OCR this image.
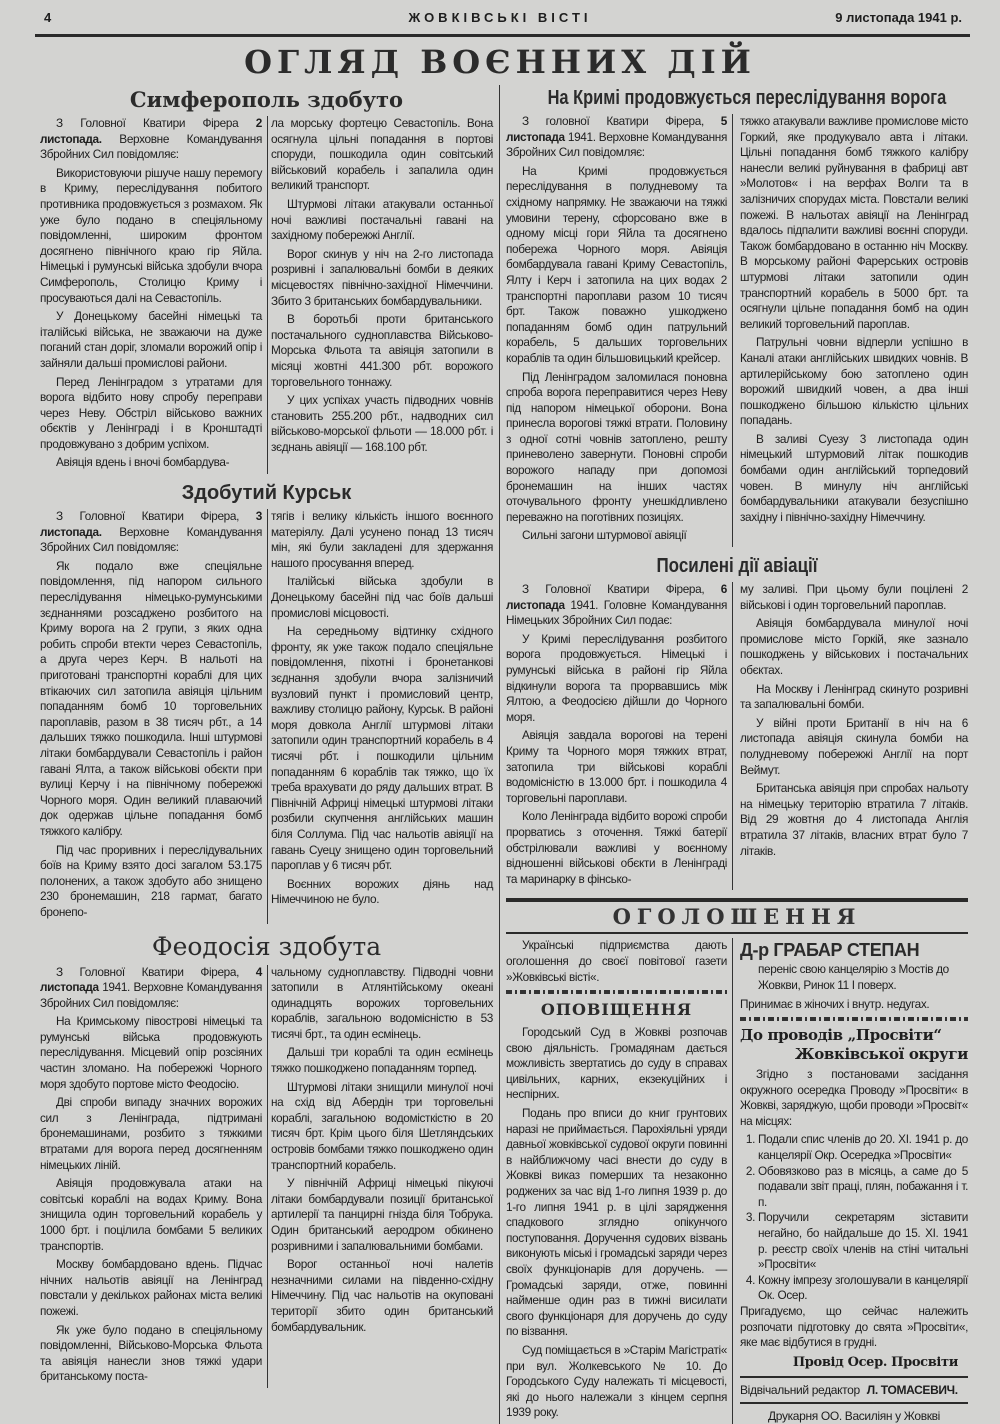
4	ЖОВКІВСЬКІ ВІСТІ	9 листопада 1941 р.
ОГЛЯД ВОЄННИХ ДІЙ
Симферополь здобуто

З Головної Кватири Фірера 2 листопада. Верховне Командування Збройних Сил повідомляє:

Використовуючи рішуче нашу перемогу в Криму, переслідування побитого противника продовжується з розмахом. Як уже було подано в спеціяльному повідомленні, широким фронтом досягнено північного краю гір Яйла. Німецькі і румунські війська здобули вчора Симферополь, Столицю Криму і просуваються далі на Севастопіль.

У Донецькому басейні німецькі та італійські війська, не зважаючи на дуже поганий стан доріг, зломали ворожий опір і зайняли дальші промислові райони.

Перед Ленінградом з утратами для ворога відбито нову спробу переправи через Неву. Обстріл військово важних обєктів у Ленінграді і в Кронштадті продовжувано з добрим успіхом.

Авіяція вдень і вночі бомбардува-

ла морську фортецю Севастопіль. Вона осягнула цільні попадання в портові споруди, пошкодила один совітський військовий корабель і запалила один великий транспорт.

Штурмові літаки атакували останньої ночі важливі постачальні гавані на західному побережжі Англії.

Ворог скинув у ніч на 2-го листопада розривні і запалювальні бомби в деяких місцевостях північно-західної Німеччини. Збито 3 британських бомбардувальники.

В боротьбі проти британського постачального судноплавства Військово-Морська Фльота та авіяція затопили в місяці жовтні 441.300 рбт. ворожого торговельного тоннажу.

У цих успіхах участь підводних човнів становить 255.200 рбт., надводних сил військово-морської фльоти — 18.000 рбт. і зєднань авіяції — 168.100 рбт.

Здобутий Курськ

З Головної Кватири Фірера, 3 листопада. Верховне Командування Збройних Сил повідомляє:

Як подало вже спеціяльне повідомлення, під напором сильного переслідування німецько-румунськими зєднаннями розсаджено розбитого на Криму ворога на 2 групи, з яких одна робить спроби втекти через Севастопіль, а друга через Керч. В нальоті на приготовані транспортні кораблі для цих втікаючих сил затопила авіяція цільним попаданням бомб 10 торговельних пароплавів, разом в 38 тисяч рбт., а 14 дальших тяжко пошкодила. Інші штурмові літаки бомбардували Севастопіль і район гавані Ялта, а також військові обєкти при вулиці Керчу і на північному побережжі Чорного моря. Один великий плаваючий док одержав цільне попадання бомб тяжкого калібру.

Під час проривних і переслідувальних боїв на Криму взято досі загалом 53.175 полонених, а також здобуто або знищено 230 бронемашин, 218 гармат, багато бронепо-

тягів і велику кількість іншого воєнного матеріялу. Далі усунено понад 13 тисяч мін, які були закладені для здержання нашого просування вперед.

Італійські війська здобули в Донецькому басейні під час боїв дальші промислові місцовості.

На середньому відтинку східного фронту, як уже також подало спеціяльне повідомлення, піхотні і бронетанкові зєднання здобули вчора залізничий вузловий пункт і промисловий центр, важливу столицю району, Курськ. В районі моря довкола Англії штурмові літаки затопили один транспортний корабель в 4 тисячі рбт. і пошкодили цільним попаданням 6 кораблів так тяжко, що їх треба врахувати до ряду дальших втрат. В Північній Африці німецькі штурмові літаки розбили скупчення англійських машин біля Соллума. Під час нальотів авіяції на гавань Суецу знищено один торговельний пароплав у 6 тисяч рбт.

Воєнних ворожих діянь над Німеччиною не було.

Феодосія здобута

З Головної Кватири Фірера, 4 листопада 1941. Верховне Командування Збройних Сил повідомляє:

На Кримському півострові німецькі та румунські війська продовжують переслідування. Місцевий опір розсіяних частин зломано. На побережжі Чорного моря здобуто портове місто Феодосію.

Дві спроби випаду значних ворожих сил з Ленінграда, підтримані бронемашинами, розбито з тяжкими втратами для ворога перед досягненням німецьких ліній.

Авіяція продовжувала атаки на совітські кораблі на водах Криму. Вона знищила один торговельний корабель у 1000 брт. і поцілила бомбами 5 великих транспортів.

Москву бомбардовано вдень. Підчас нічних нальотів авіяції на Ленінград повстали у декількох районах міста великі пожежі.

Як уже було подано в спеціяльному повідомленні, Військово-Морська Фльота та авіяція нанесли знов тяжкі удари британському поста-

чальному судноплавству. Підводні човни затопили в Атлянтійському океані одинадцять ворожих торговельних кораблів, загальною водомісністю в 53 тисячі брт., та один есмінець.

Дальші три кораблі та один есмінець тяжко пошкоджено попаданням торпед.

Штурмові літаки знищили минулої ночі на схід від Абердін три торговельні кораблі, загальною водомісткістю в 20 тисяч брт. Крім цього біля Шетляндських островів бомбами тяжко пошкоджено один транспортний корабель.

У північній Африці німецькі пікуючі літаки бомбардували позиції британської артилерії та панцирні гнізда біля Тобрука. Один британський аеродром обкинено розривними і запалювальними бомбами.

Ворог останньої ночі налетів незначними силами на південно-східну Німеччину. Під час нальотів на окуповані території збито один британський бомбардувальник.

На Кримі продовжується переслідування ворога

З головної Кватири Фірера, 5 листопада 1941. Верховне Командування Збройних Сил повідомляє:

На Кримі продовжується переслідування в полудневому та східному напрямку. Не зважаючи на тяжкі умовини терену, сфорсовано вже в одному місці гори Яйла та досягнено побережа Чорного моря. Авіяція бомбардувала гавані Криму Севастопіль, Ялту і Керч і затопила на цих водах 2 транспортні пароплави разом 10 тисяч брт. Також поважно ушкоджено попаданням бомб один патрульний корабель, 5 дальших торговельних кораблів та один більшовицький крейсер.

Під Ленінградом заломилася поновна спроба ворога переправитися через Неву під напором німецької оборони. Вона принесла ворогові тяжкі втрати. Половину з одної сотні човнів затоплено, решту приневолено завернути. Поновні спроби ворожого нападу при допомозі бронемашин на інших частях оточувального фронту унешкідливлено переважно на поготівних позиціях.

Сильні загони штурмової авіяції

тяжко атакували важливе промислове місто Горкий, яке продукувало авта і літаки. Цільні попадання бомб тяжкого калібру нанесли великі руйнування в фабриці авт »Молотов« і на верфах Волги та в залізничих спорудах міста. Повстали великі пожежі. В нальотах авіяції на Ленінград вдалось підпалити важливі воєнні споруди. Також бомбардовано в останню ніч Москву. В морському районі Фарерських островів штурмові літаки затопили один транспортний корабель в 5000 брт. та осягнули цільне попадання бомб на один великий торговельний пароплав.

Патрульні човни відперли успішно в Каналі атаки англійських швидких човнів. В артилерійському бою затоплено один ворожий швидкий човен, а два інші пошкоджено більшою кількістю цільних попадань.

В заливі Суезу 3 листопада один німецький штурмовий літак пошкодив бомбами один англійський торпедовий човен. В минулу ніч англійські бомбардувальники атакували безуспішно західну і північно-західну Німеччину.

Посилені дії авіації

З Головної Кватири Фірера, 6 листопада 1941. Головне Командування Німецьких Збройних Сил подає:

У Кримі переслідування розбитого ворога продовжується. Німецькі і румунські війська в районі гір Яйла відкинули ворога та прорвавшись між Ялтою, а Феодосією дійшли до Чорного моря.

Авіяція завдала ворогові на терені Криму та Чорного моря тяжких втрат, затопила три військові кораблі водомісністю в 13.000 брт. і пошкодила 4 торговельні пароплави.

Коло Ленінграда відбито ворожі спроби прорватись з оточення. Тяжкі батерії обстрілювали важливі у воєнному відношенні військові обєкти в Ленінграді та маринарку в фінсько-

му заливі. При цьому були поцілені 2 військові і один торговельний пароплав.

Авіяція бомбардувала минулої ночі промислове місто Горкій, яке зазнало пошкоджень у військових і постачальних обєктах.

На Москву і Ленінград скинуто розривні та запалювальні бомби.

У війні проти Британії в ніч на 6 листопада авіяція скинула бомби на полудневому побережжі Англії на порт Веймут.

Британська авіяція при спробах нальоту на німецьку територію втратила 7 літаків. Від 29 жовтня до 4 листопада Англія втратила 37 літаків, власних втрат було 7 літаків.

ОГОЛОШЕННЯ

Українські підприємства дають оголошення до своєї повітової газети »Жовківські вісті«.

ОПОВІЩЕННЯ

Городський Суд в Жовкві розпочав свою діяльність. Громадянам дається можливість звертатись до суду в справах цивільних, карних, екзекуційних і неспірних.

Подань про вписи до книг грунтових наразі не приймається. Парохіяльні уряди давньої жовківської судової округи повинні в найближчому часі внести до суду в Жовкві виказ померших та незаконно роджених за час від 1-го липня 1939 р. до 1-го липня 1941 р. в цілі зарядження спадкового зглядно опікунчого поступовання. Доручення судових візвань виконують міські і громадські заряди через своїх функціонарів для доручень. — Громадські заряди, отже, повинні найменше один раз в тижні висилати свого функціонаря для доручень до суду по візвання.

Суд поміщається в »Старім Магістраті« при вул. Жолкевського № 10. До Городського Суду належать ті місцевості, які до нього належали з кінцем серпня 1939 року.

Д-р ГРАБАР СТЕПАН

переніс свою канцелярію з Мостів до Жовкви, Ринок 11 I поверх.

Принимає в жіночих і внутр. недугах.

До проводів „Просвіти“
Жовківської округи

Згідно з постановами засідання окружного осередка Проводу »Просвіти« в Жовкві, заряджую, щоби проводи »Просвіт« на місцях:

1. Подали спис членів до 20. XI. 1941 р. до канцелярії Окр. Осередка »Просвіти«
2. Обовязково раз в місяць, а саме до 5 подавали звіт праці, плян, побажання і т. п.
3. Поручили секретарям зіставити негайно, бо найдальше до 15. XI. 1941 р. реєстр своїх членів на стіні читальні »Просвіти«
4. Кожну імпрезу зголошували в канцелярії Ок. Осер.

Пригадуємо, що сейчас належить розпочати підготовку до свята »Просвіти«, яке має відбутися в грудні.

Провід Осер. Просвіти
Відвічальний редактор Л. ТОМАСЕВИЧ.
Друкарня ОО. Василіян у Жовкві
